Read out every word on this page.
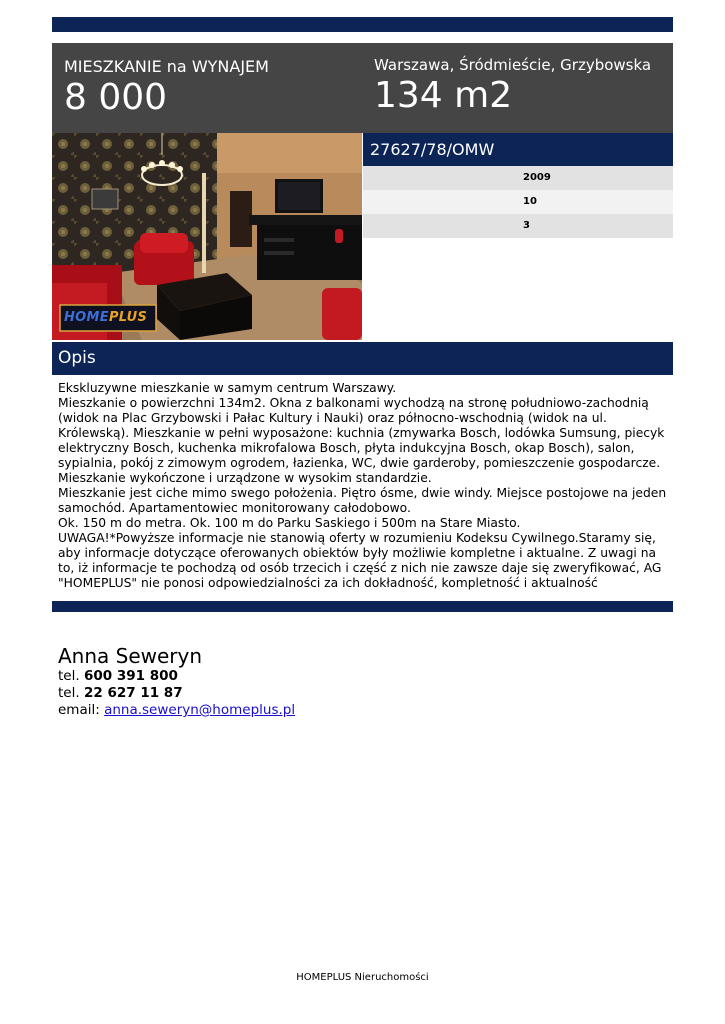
MIESZKANIE na WYNAJEM
8 000
Warszawa, Śródmieście, Grzybowska
134 m2
HOMEPLUS
27627/78/OMW
2009
10
3
Opis

Ekskluzywne mieszkanie w samym centrum Warszawy.

Mieszkanie o powierzchni 134m2. Okna z balkonami wychodzą na stronę południowo-zachodnią (widok na Plac Grzybowski i Pałac Kultury i Nauki) oraz północno-wschodnią (widok na ul. Królewską). Mieszkanie w pełni wyposażone: kuchnia (zmywarka Bosch, lodówka Sumsung, piecyk elektryczny Bosch, kuchenka mikrofalowa Bosch, płyta indukcyjna Bosch, okap Bosch), salon, sypialnia, pokój z zimowym ogrodem, łazienka, WC, dwie garderoby, pomieszczenie gospodarcze.

Mieszkanie wykończone i urządzone w wysokim standardzie.

Mieszkanie jest ciche mimo swego położenia. Piętro ósme, dwie windy. Miejsce postojowe na jeden samochód. Apartamentowiec monitorowany całodobowo.

Ok. 150 m do metra. Ok. 100 m do Parku Saskiego i 500m na Stare Miasto.

UWAGA!*Powyższe informacje nie stanowią oferty w rozumieniu Kodeksu Cywilnego.Staramy się, aby informacje dotyczące oferowanych obiektów były możliwie kompletne i aktualne. Z uwagi na to, iż informacje te pochodzą od osób trzecich i część z nich nie zawsze daje się zweryfikować, AG "HOMEPLUS" nie ponosi odpowiedzialności za ich dokładność, kompletność i aktualność

Anna Seweryn
tel. 600 391 800
tel. 22 627 11 87
email: anna.seweryn@homeplus.pl
HOMEPLUS Nieruchomości
